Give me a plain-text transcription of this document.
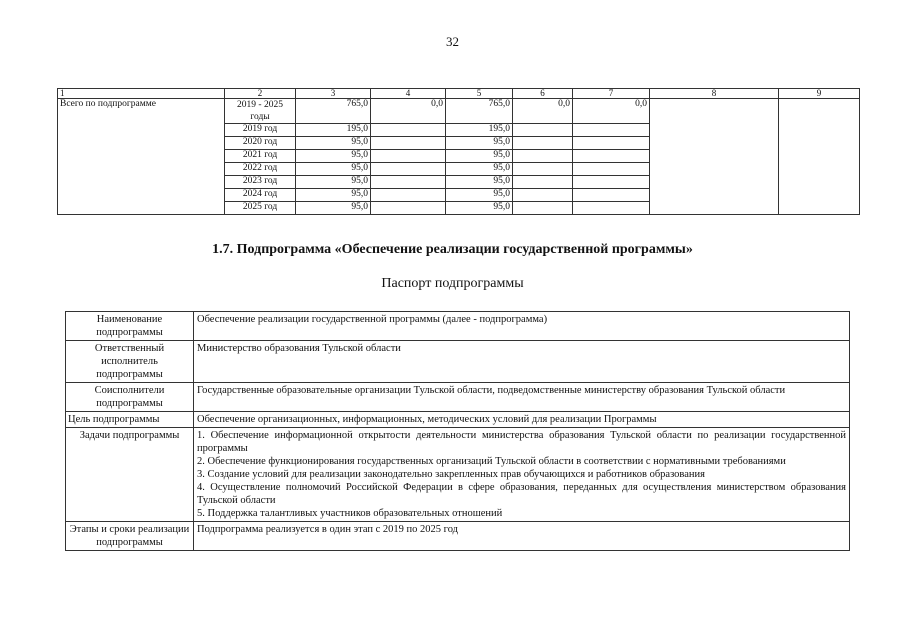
32
1	2	3	4	5	6	7	8	9
Всего по подпрограмме	2019 - 2025 годы	765,0	0,0	765,0	0,0	0,0		
	2019 год	195,0		195,0				
	2020 год	95,0		95,0				
	2021 год	95,0		95,0				
	2022 год	95,0		95,0				
	2023 год	95,0		95,0				
	2024 год	95,0		95,0				
	2025 год	95,0		95,0				
1.7. Подпрограмма «Обеспечение реализации государственной программы»
Паспорт подпрограммы
Наименование подпрограммы	Обеспечение реализации государственной программы (далее - подпрограмма)
Ответственный исполнитель подпрограммы	Министерство образования Тульской области
Соисполнители подпрограммы	Государственные образовательные организации Тульской области, подведомственные министерству образования Тульской области
Цель подпрограммы	Обеспечение организационных, информационных, методических условий для реализации Программы
Задачи подпрограммы	1. Обеспечение информационной открытости деятельности министерства образования Тульской области по реализации государственной программы
2. Обеспечение функционирования государственных организаций Тульской области в соответствии с нормативными требованиями
3. Создание условий для реализации законодательно закрепленных прав обучающихся и работников образования
4. Осуществление полномочий Российской Федерации в сфере образования, переданных для осуществления министерством образования Тульской области
5. Поддержка талантливых участников образовательных отношений

Этапы и сроки реализации подпрограммы	Подпрограмма реализуется в один этап с 2019 по 2025 год
